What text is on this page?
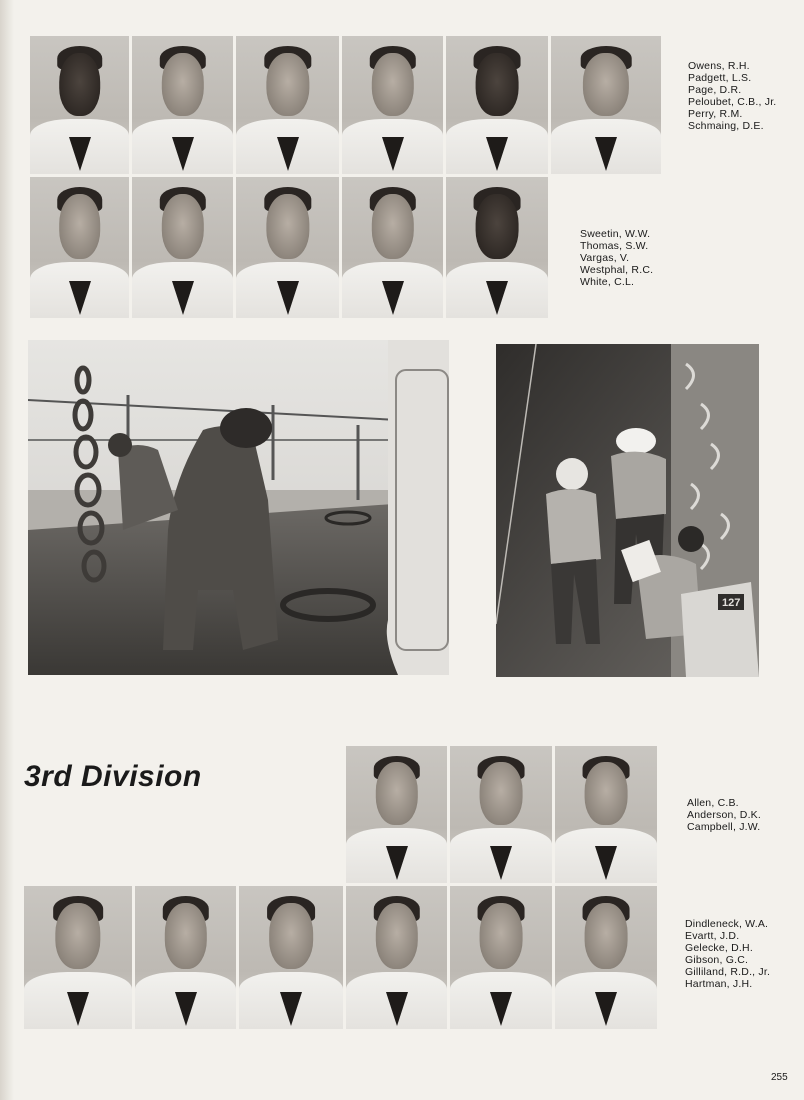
Owens, R.H.
Padgett, L.S.
Page, D.R.
Peloubet, C.B., Jr.
Perry, R.M.
Schmaing, D.E.
Sweetin, W.W.
Thomas, S.W.
Vargas, V.
Westphal, R.C.
White, C.L.
127
3rd Division
Allen, C.B.
Anderson, D.K.
Campbell, J.W.
Dindleneck, W.A.
Evartt, J.D.
Gelecke, D.H.
Gibson, G.C.
Gilliland, R.D., Jr.
Hartman, J.H.
255
